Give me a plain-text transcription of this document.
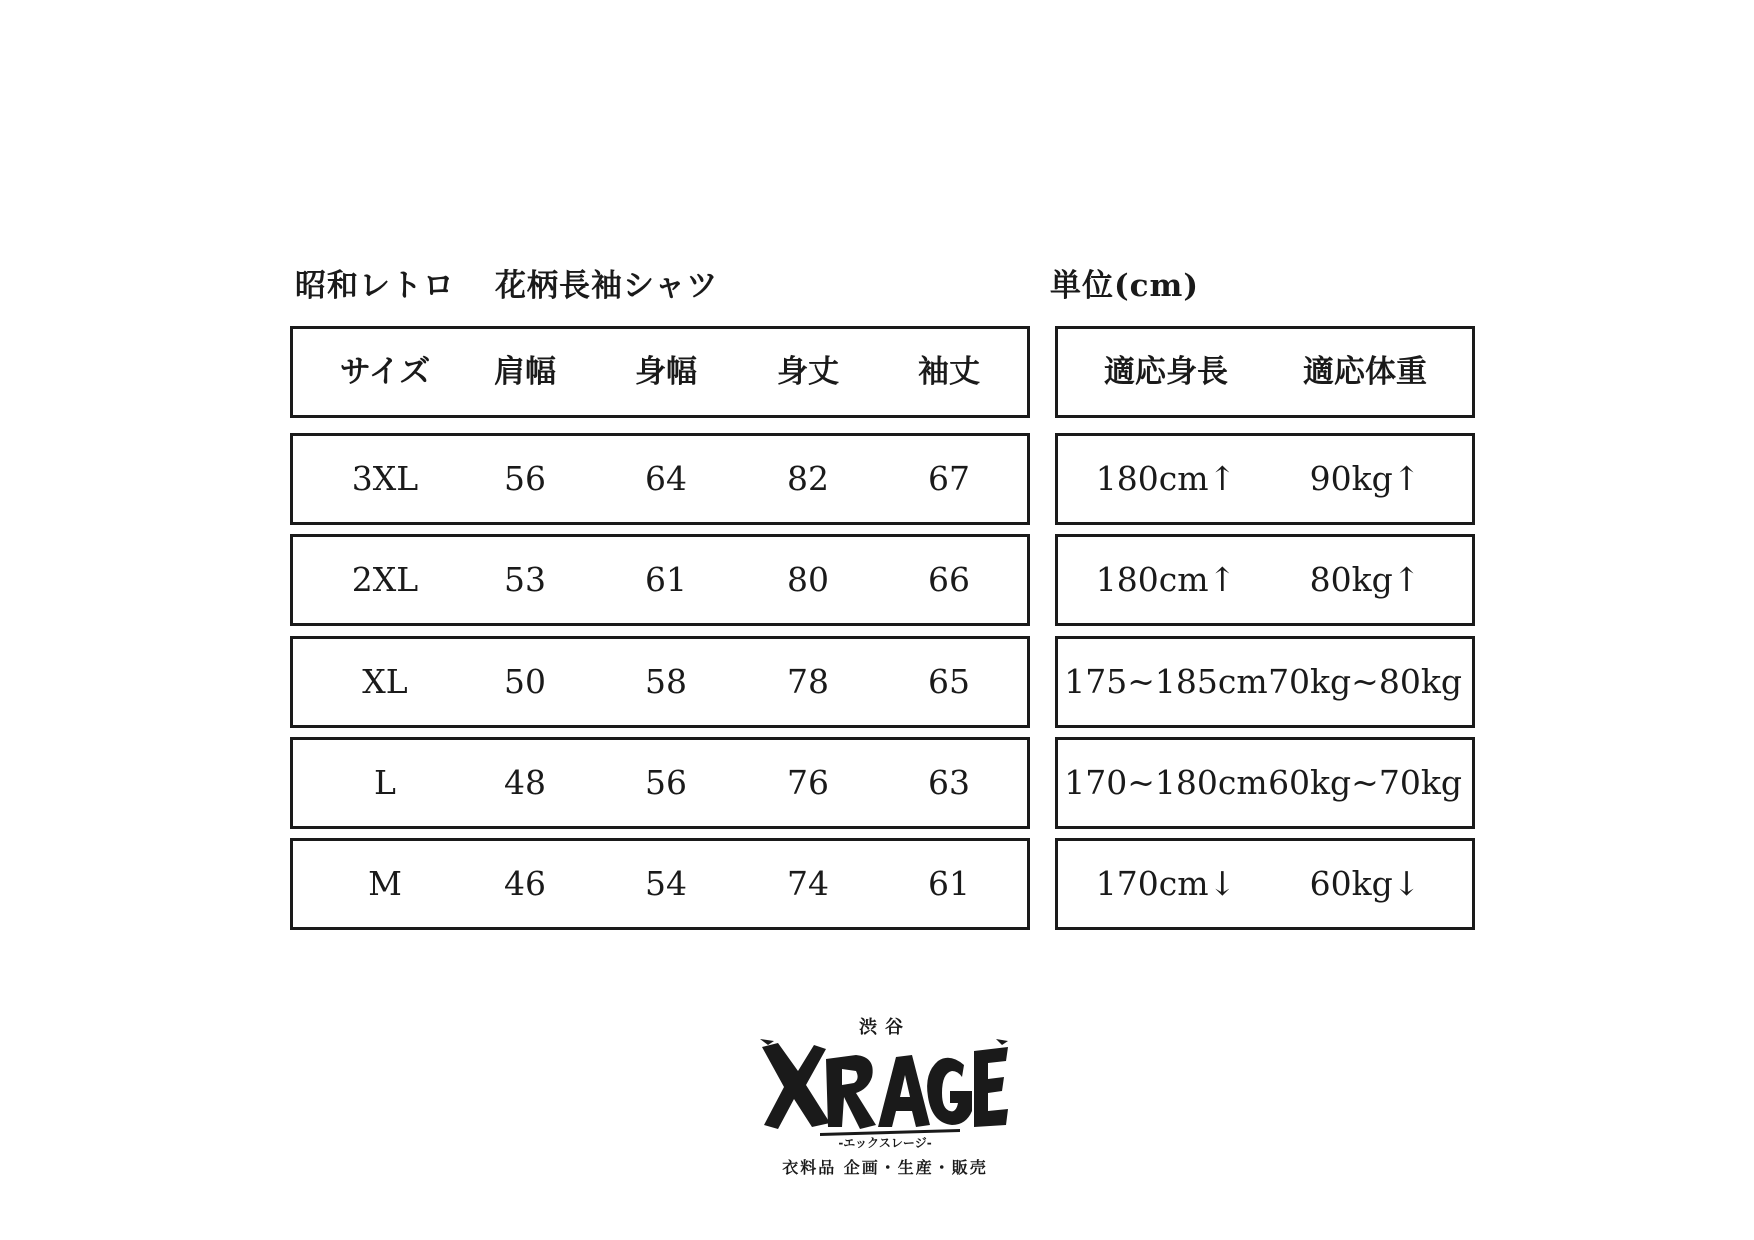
昭和レトロ 花柄長袖シャツ	単位(cm)
サイズ	肩幅	身幅	身丈	袖丈
3XL	56	64	82	67
2XL	53	61	80	66
XL	50	58	78	65
L	48	56	76	63
M	46	54	74	61
適応身長	適応体重
180cm↑	90kg↑
180cm↑	80kg↑
175~185cm 70kg~80kg
170~180cm 60kg~70kg
170cm↓	60kg↓
渋谷
-エックスレージ-
衣料品 企画・生産・販売
